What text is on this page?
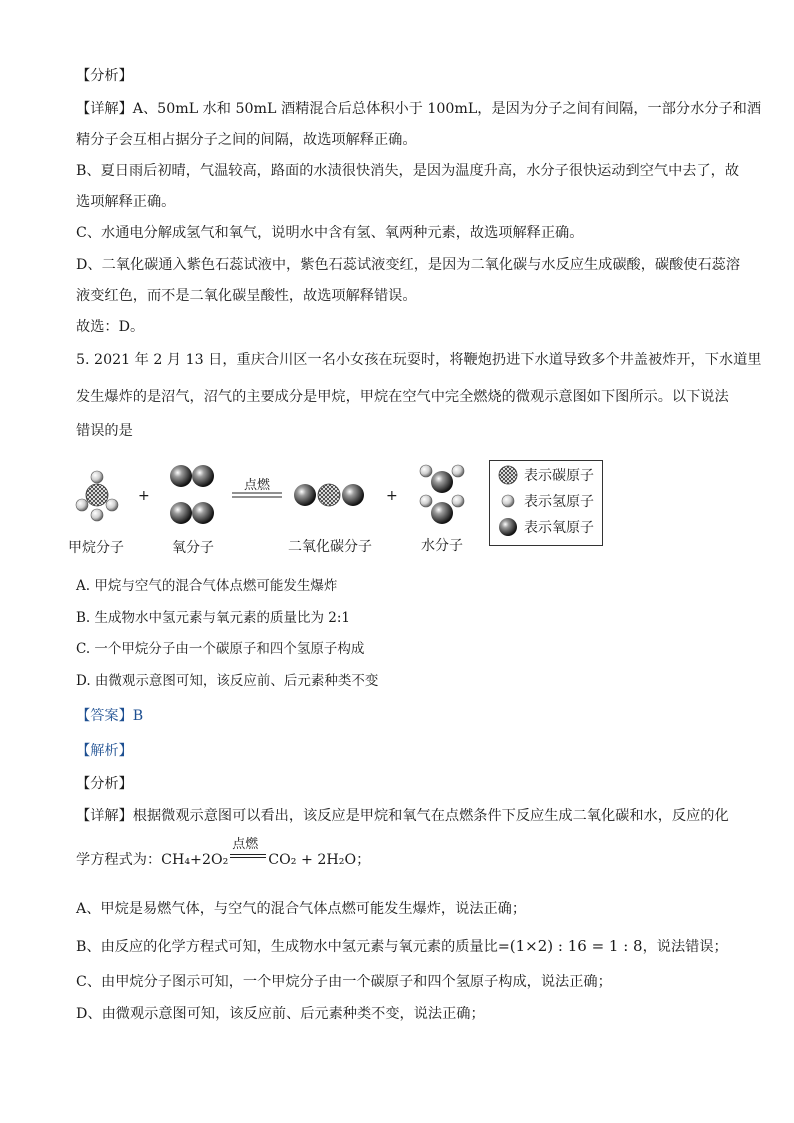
【分析】
【详解】A、50mL 水和 50mL 酒精混合后总体积小于 100mL，是因为分子之间有间隔，一部分水分子和酒
精分子会互相占据分子之间的间隔，故选项解释正确。
B、夏日雨后初晴，气温较高，路面的水渍很快消失，是因为温度升高，水分子很快运动到空气中去了，故
选项解释正确。
C、水通电分解成氢气和氧气，说明水中含有氢、氧两种元素，故选项解释正确。
D、二氧化碳通入紫色石蕊试液中，紫色石蕊试液变红，是因为二氧化碳与水反应生成碳酸，碳酸使石蕊溶
液变红色，而不是二氧化碳呈酸性，故选项解释错误。
故选：D。
5. 2021 年 2 月 13 日，重庆合川区一名小女孩在玩耍时，将鞭炮扔进下水道导致多个井盖被炸开，下水道里
发生爆炸的是沼气，沼气的主要成分是甲烷，甲烷在空气中完全燃烧的微观示意图如下图所示。以下说法
错误的是
+	+
点燃
甲烷分子	氧分子	二氧化碳分子	水分子
表示碳原子
表示氢原子
表示氧原子
A. 甲烷与空气的混合气体点燃可能发生爆炸
B. 生成物水中氢元素与氧元素的质量比为 2:1
C. 一个甲烷分子由一个碳原子和四个氢原子构成
D. 由微观示意图可知，该反应前、后元素种类不变
【答案】B
【解析】
【分析】
【详解】根据微观示意图可以看出，该反应是甲烷和氧气在点燃条件下反应生成二氧化碳和水，反应的化
学方程式为：CH₄+2O₂
点燃
CO₂ + 2H₂O；
A、甲烷是易燃气体，与空气的混合气体点燃可能发生爆炸，说法正确；
B、由反应的化学方程式可知，生成物水中氢元素与氧元素的质量比=(1×2) : 16 = 1 : 8，说法错误；
C、由甲烷分子图示可知，一个甲烷分子由一个碳原子和四个氢原子构成，说法正确；
D、由微观示意图可知，该反应前、后元素种类不变，说法正确；
